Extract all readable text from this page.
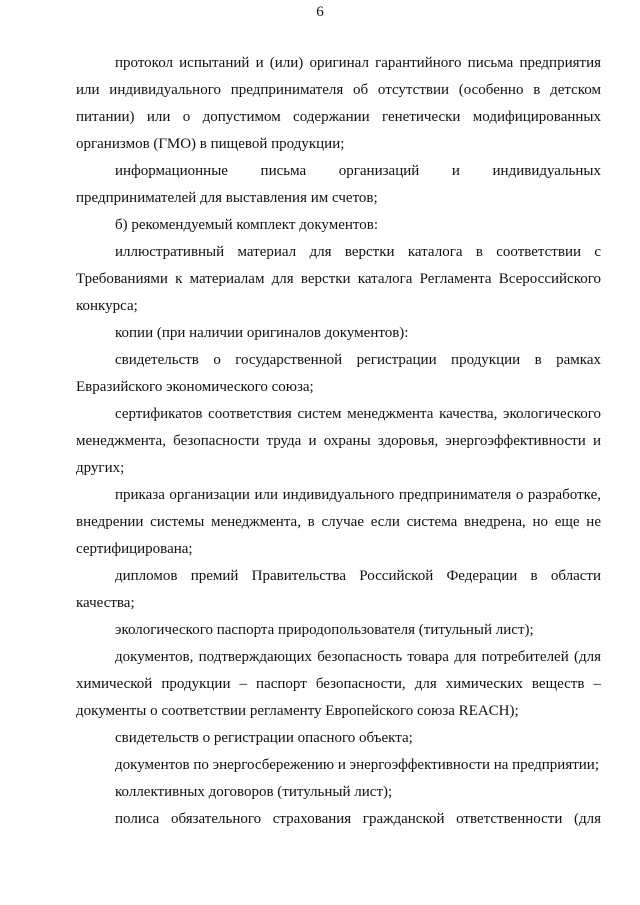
6

протокол испытаний и (или) оригинал гарантийного письма предприятия или индивидуального предпринимателя об отсутствии (особенно в детском питании) или о допустимом содержании генетически модифицированных организмов (ГМО) в пищевой продукции;

информационные письма организаций и индивидуальных предпринимателей для выставления им счетов;

б) рекомендуемый комплект документов:

иллюстративный материал для верстки каталога в соответствии с Требованиями к материалам для верстки каталога Регламента Всероссийского конкурса;

копии (при наличии оригиналов документов):

свидетельств о государственной регистрации продукции в рамках Евразийского экономического союза;

сертификатов соответствия систем менеджмента качества, экологического менеджмента, безопасности труда и охраны здоровья, энергоэффективности и других;

приказа организации или индивидуального предпринимателя о разработке, внедрении системы менеджмента, в случае если система внедрена, но еще не сертифицирована;

дипломов премий Правительства Российской Федерации в области качества;

экологического паспорта природопользователя (титульный лист);

документов, подтверждающих безопасность товара для потребителей (для химической продукции – паспорт безопасности, для химических веществ – документы о соответствии регламенту Европейского союза REACH);

свидетельств о регистрации опасного объекта;

документов по энергосбережению и энергоэффективности на предприятии;

коллективных договоров (титульный лист);

полиса обязательного страхования гражданской ответственности (для
